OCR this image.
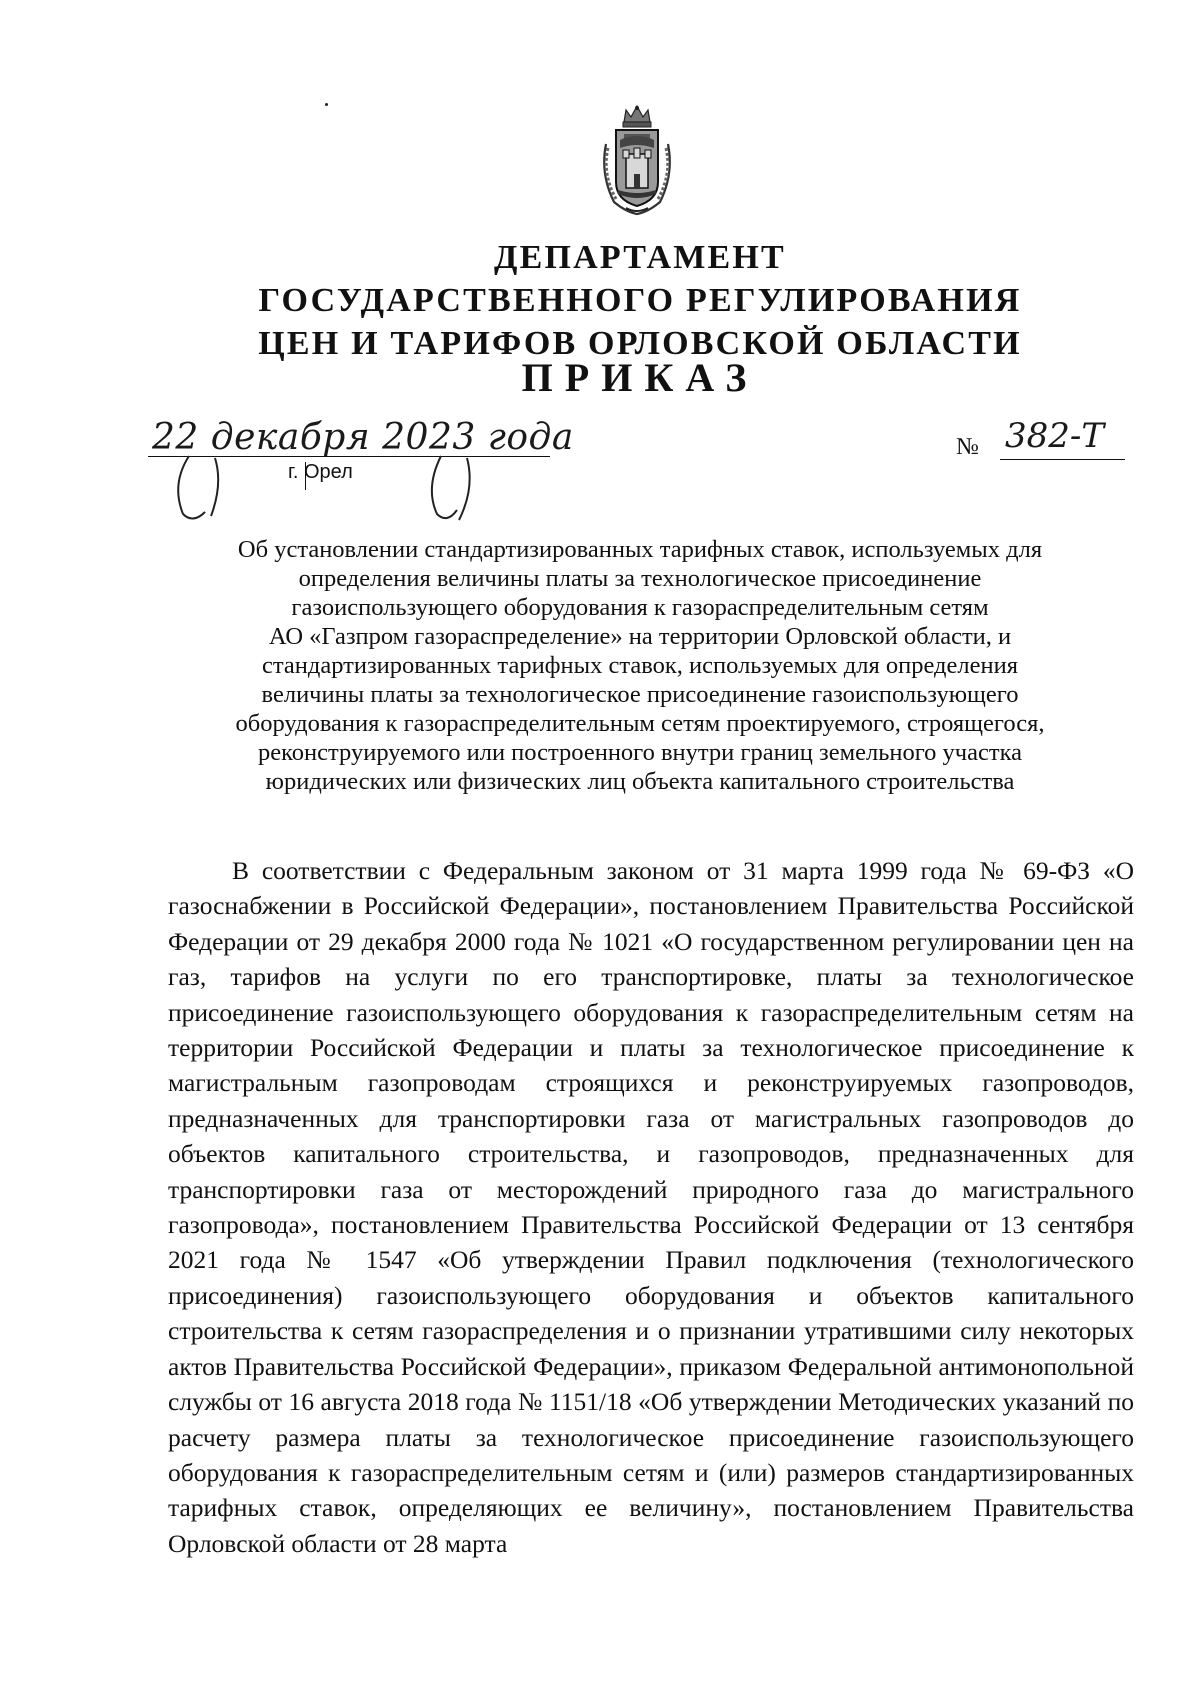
ДЕПАРТАМЕНТ
ГОСУДАРСТВЕННОГО РЕГУЛИРОВАНИЯ
ЦЕН И ТАРИФОВ ОРЛОВСКОЙ ОБЛАСТИ
ПРИКАЗ
22 декабря 2023 года
г. Орел
№ 382-Т
Об установлении стандартизированных тарифных ставок, используемых для
определения величины платы за технологическое присоединение
газоиспользующего оборудования к газораспределительным сетям
АО «Газпром газораспределение» на территории Орловской области, и
стандартизированных тарифных ставок, используемых для определения
величины платы за технологическое присоединение газоиспользующего
оборудования к газораспределительным сетям проектируемого, строящегося,
реконструируемого или построенного внутри границ земельного участка
юридических или физических лиц объекта капитального строительства
В соответствии с Федеральным законом от 31 марта 1999 года № 69-ФЗ «О газоснабжении в Российской Федерации», постановлением Правительства Российской Федерации от 29 декабря 2000 года № 1021 «О государственном регулировании цен на газ, тарифов на услуги по его транспортировке, платы за технологическое присоединение газоиспользующего оборудования к газораспределительным сетям на территории Российской Федерации и платы за технологическое присоединение к магистральным газопроводам строящихся и реконструируемых газопроводов, предназначенных для транспортировки газа от магистральных газопроводов до объектов капитального строительства, и газопроводов, предназначенных для транспортировки газа от месторождений природного газа до магистрального газопровода», постановлением Правительства Российской Федерации от 13 сентября 2021 года № 1547 «Об утверждении Правил подключения (технологического присоединения) газоиспользующего оборудования и объектов капитального строительства к сетям газораспределения и о признании утратившими силу некоторых актов Правительства Российской Федерации», приказом Федеральной антимонопольной службы от 16 августа 2018 года № 1151/18 «Об утверждении Методических указаний по расчету размера платы за технологическое присоединение газоиспользующего оборудования к газораспределительным сетям и (или) размеров стандартизированных тарифных ставок, определяющих ее величину», постановлением Правительства Орловской области от 28 марта
